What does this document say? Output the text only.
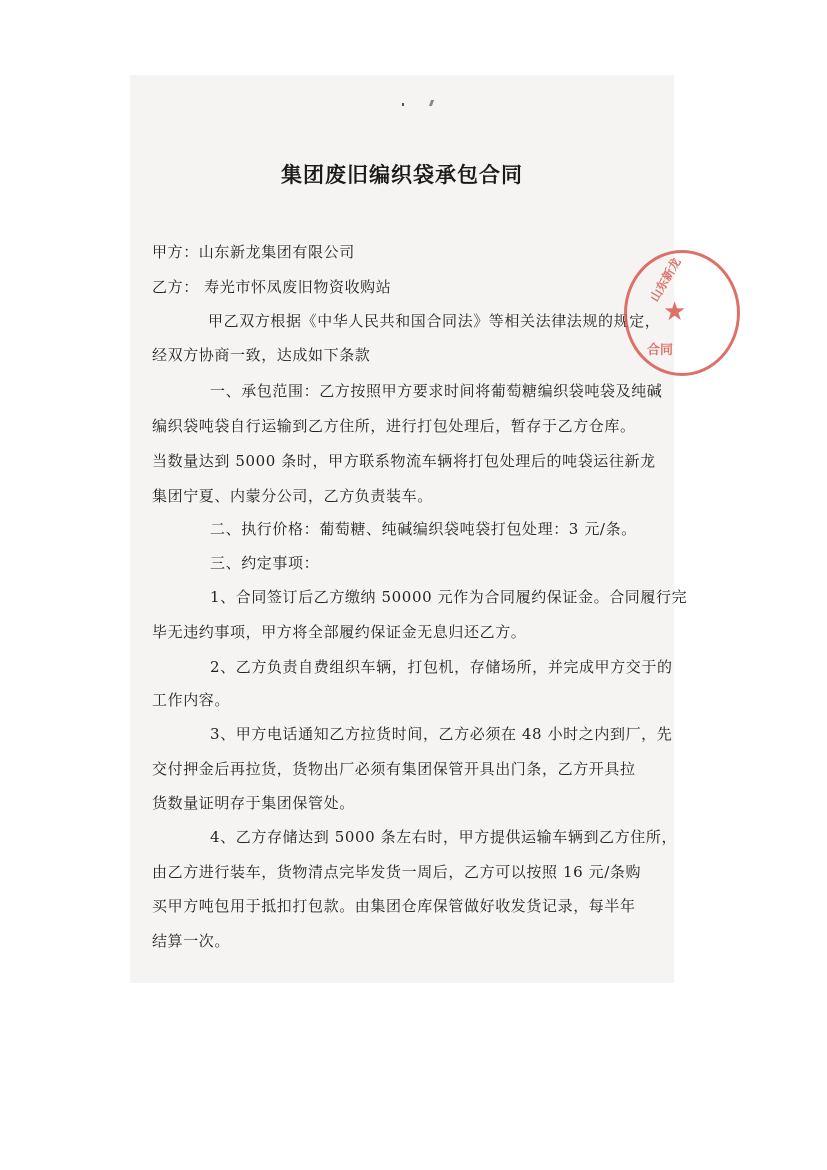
集团废旧编织袋承包合同
甲方：山东新龙集团有限公司
乙方： 寿光市怀凤废旧物资收购站
甲乙双方根据《中华人民共和国合同法》等相关法律法规的规定，
经双方协商一致，达成如下条款
一、承包范围：乙方按照甲方要求时间将葡萄糖编织袋吨袋及纯碱
编织袋吨袋自行运输到乙方住所，进行打包处理后，暂存于乙方仓库。
当数量达到 5000 条时，甲方联系物流车辆将打包处理后的吨袋运往新龙
集团宁夏、内蒙分公司，乙方负责装车。
二、执行价格：葡萄糖、纯碱编织袋吨袋打包处理：3 元/条。
三、约定事项：
1、合同签订后乙方缴纳 50000 元作为合同履约保证金。合同履行完
毕无违约事项，甲方将全部履约保证金无息归还乙方。
2、乙方负责自费组织车辆，打包机，存储场所，并完成甲方交于的
工作内容。
3、甲方电话通知乙方拉货时间，乙方必须在 48 小时之内到厂，先
交付押金后再拉货，货物出厂必须有集团保管开具出门条，乙方开具拉
货数量证明存于集团保管处。
4、乙方存储达到 5000 条左右时，甲方提供运输车辆到乙方住所，
由乙方进行装车，货物清点完毕发货一周后，乙方可以按照 16 元/条购
买甲方吨包用于抵扣打包款。由集团仓库保管做好收发货记录，每半年
结算一次。
山东新龙
★
合同
